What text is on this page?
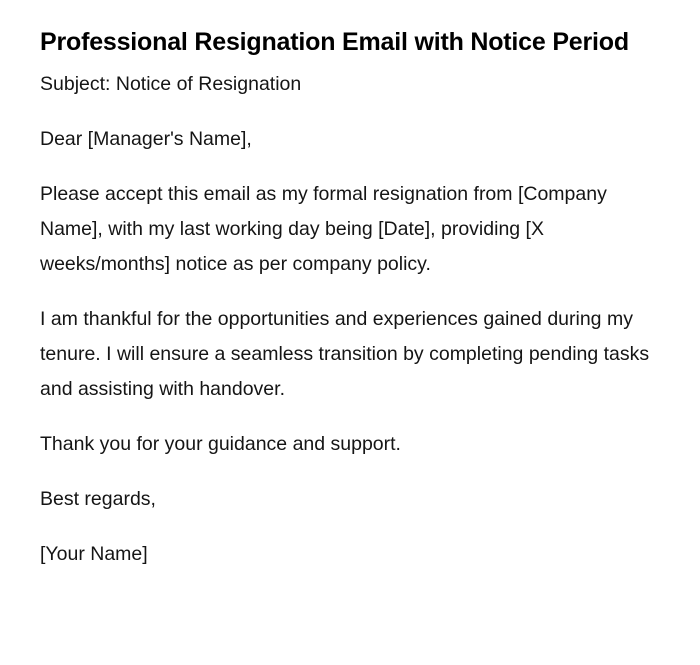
Professional Resignation Email with Notice Period

Subject: Notice of Resignation

Dear [Manager's Name],

Please accept this email as my formal resignation from [Company Name], with my last working day being [Date], providing [X weeks/months] notice as per company policy.

I am thankful for the opportunities and experiences gained during my tenure. I will ensure a seamless transition by completing pending tasks and assisting with handover.

Thank you for your guidance and support.

Best regards,

[Your Name]
